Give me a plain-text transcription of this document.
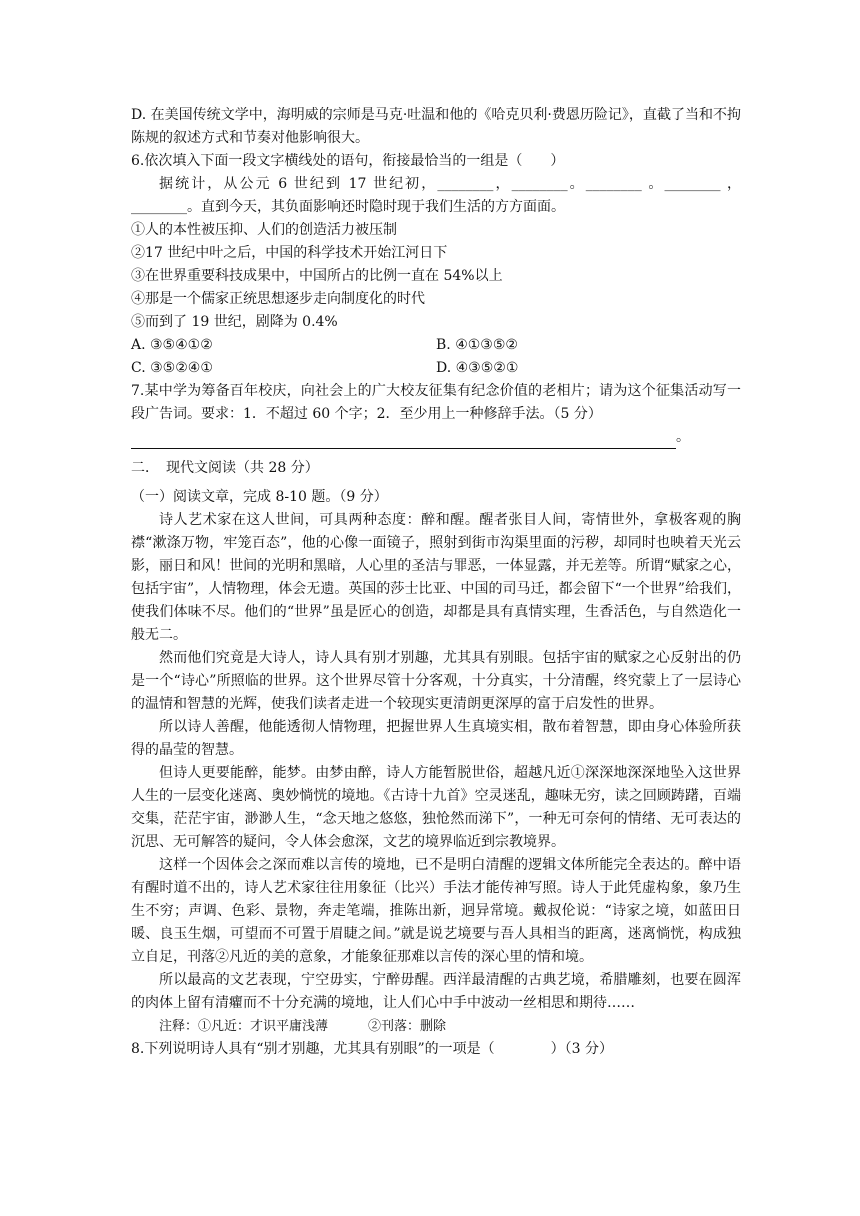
D. 在美国传统文学中，海明威的宗师是马克·吐温和他的《哈克贝利·费恩历险记》，直截了当和不拘陈规的叙述方式和节奏对他影响很大。

6.依次填入下面一段文字横线处的语句，衔接最恰当的一组是（　　）

据统计，从公元 6 世纪到 17 世纪初，________，________。________ 。________ ，________。直到今天，其负面影响还时隐时现于我们生活的方方面面。

①人的本性被压抑、人们的创造活力被压制

②17 世纪中叶之后，中国的科学技术开始江河日下

③在世界重要科技成果中，中国所占的比例一直在 54%以上

④那是一个儒家正统思想逐步走向制度化的时代

⑤而到了 19 世纪，剧降为 0.4%

A. ③⑤④①②	B. ④①③⑤②
C. ③⑤②④①	D. ④③⑤②①

7.某中学为筹备百年校庆，向社会上的广大校友征集有纪念价值的老相片；请为这个征集活动写一段广告词。要求：1．不超过 60 个字；2．至少用上一种修辞手法。（5 分）

。

二．　现代文阅读（共 28 分）

（一）阅读文章，完成 8-10 题。（9 分）

诗人艺术家在这人世间，可具两种态度：醉和醒。醒者张目人间，寄情世外，拿极客观的胸襟“漱涤万物，牢笼百态”，他的心像一面镜子，照射到街市沟渠里面的污秽，却同时也映着天光云影，丽日和风！世间的光明和黑暗，人心里的圣洁与罪恶，一体显露，并无差等。所谓“赋家之心，包括宇宙”，人情物理，体会无遗。英国的莎士比亚、中国的司马迁，都会留下“一个世界”给我们，使我们体味不尽。他们的“世界”虽是匠心的创造，却都是具有真情实理，生香活色，与自然造化一般无二。

然而他们究竟是大诗人，诗人具有别才别趣，尤其具有别眼。包括宇宙的赋家之心反射出的仍是一个“诗心”所照临的世界。这个世界尽管十分客观，十分真实，十分清醒，终究蒙上了一层诗心的温情和智慧的光辉，使我们读者走进一个较现实更清朗更深厚的富于启发性的世界。

所以诗人善醒，他能透彻人情物理，把握世界人生真境实相，散布着智慧，即由身心体验所获得的晶莹的智慧。

但诗人更要能醉，能梦。由梦由醉，诗人方能暂脱世俗，超越凡近①深深地深深地坠入这世界人生的一层变化迷离、奥妙惝恍的境地。《古诗十九首》空灵迷乱，趣味无穷，读之回顾踌躇，百端交集，茫茫宇宙，渺渺人生，“念天地之悠悠，独怆然而涕下”，一种无可奈何的情绪、无可表达的沉思、无可解答的疑问，令人体会愈深，文艺的境界临近到宗教境界。

这样一个因体会之深而难以言传的境地，已不是明白清醒的逻辑文体所能完全表达的。醉中语有醒时道不出的，诗人艺术家往往用象征（比兴）手法才能传神写照。诗人于此凭虚构象，象乃生生不穷；声调、色彩、景物，奔走笔端，推陈出新，迥异常境。戴叔伦说：“诗家之境，如蓝田日暖、良玉生烟，可望而不可置于眉睫之间。”就是说艺境要与吾人具相当的距离，迷离惝恍，构成独立自足，刊落②凡近的美的意象，才能象征那难以言传的深心里的情和境。

所以最高的文艺表现，宁空毋实，宁醉毋醒。西洋最清醒的古典艺境，希腊雕刻，也要在圆浑的肉体上留有清癯而不十分充满的境地，让人们心中手中波动一丝相思和期待……

注释：①凡近：才识平庸浅薄	②刊落：删除

8.下列说明诗人具有“别才别趣，尤其具有别眼”的一项是（　　　　）（3 分）
